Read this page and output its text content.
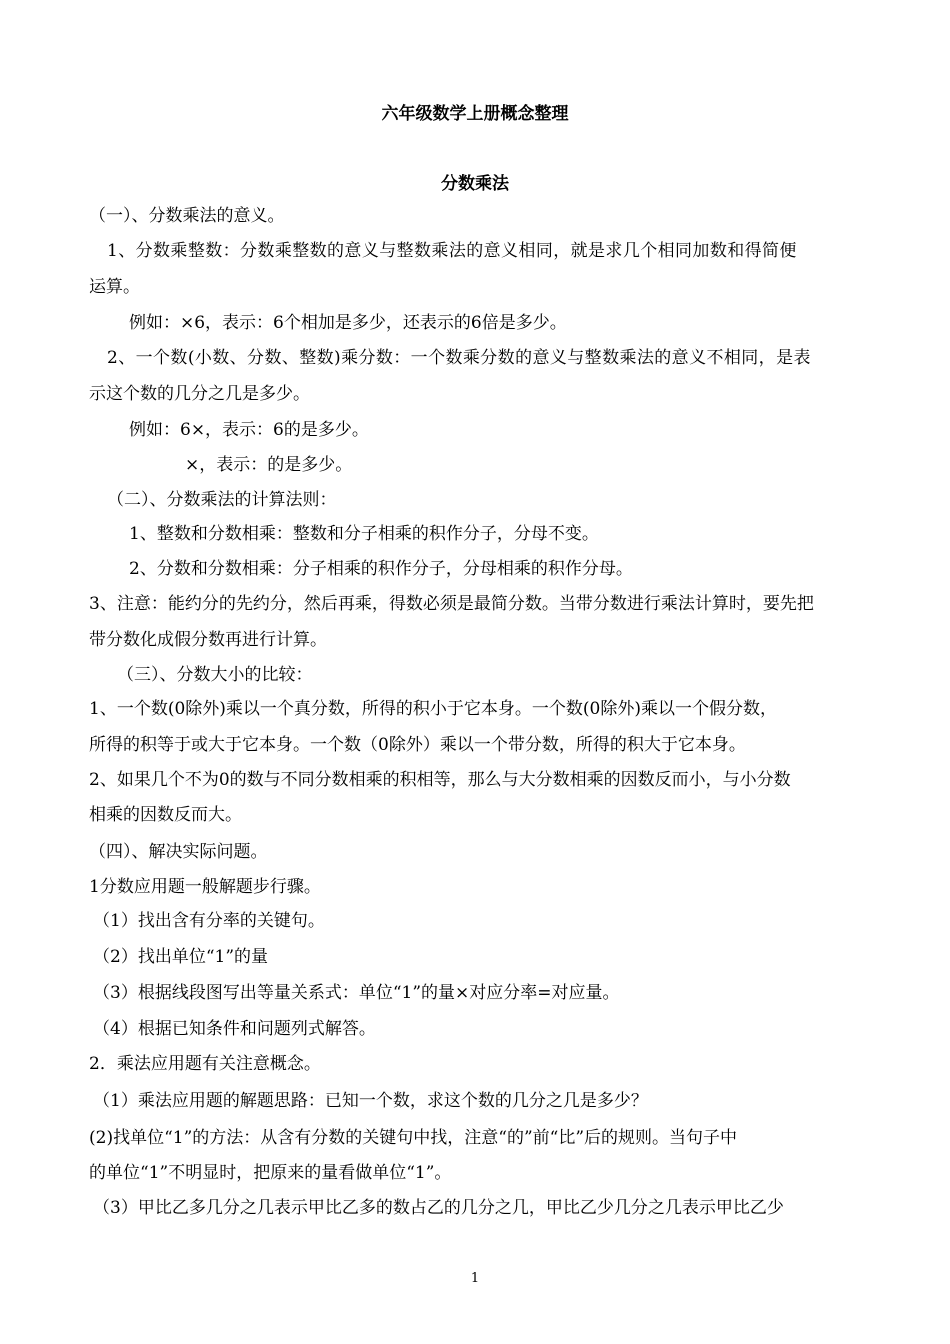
六年级数学上册概念整理
分数乘法
（一）、分数乘法的意义。
1、分数乘整数：分数乘整数的意义与整数乘法的意义相同，就是求几个相同加数和得简便
运算。
例如：×6，表示：6个相加是多少，还表示的6倍是多少。
2、一个数(小数、分数、整数)乘分数：一个数乘分数的意义与整数乘法的意义不相同，是表
示这个数的几分之几是多少。
例如：6×，表示：6的是多少。
×，表示：的是多少。
（二）、分数乘法的计算法则：
1、整数和分数相乘：整数和分子相乘的积作分子，分母不变。
2、分数和分数相乘：分子相乘的积作分子，分母相乘的积作分母。
3、注意：能约分的先约分，然后再乘，得数必须是最简分数。当带分数进行乘法计算时，要先把
带分数化成假分数再进行计算。
（三）、分数大小的比较：
1、一个数(0除外)乘以一个真分数，所得的积小于它本身。一个数(0除外)乘以一个假分数，
所得的积等于或大于它本身。一个数（0除外）乘以一个带分数，所得的积大于它本身。
2、如果几个不为0的数与不同分数相乘的积相等，那么与大分数相乘的因数反而小，与小分数
相乘的因数反而大。
（四）、解决实际问题。
1分数应用题一般解题步行骤。
（1）找出含有分率的关键句。
（2）找出单位“1”的量
（3）根据线段图写出等量关系式：单位“1”的量×对应分率=对应量。
（4）根据已知条件和问题列式解答。
2．乘法应用题有关注意概念。
（1）乘法应用题的解题思路：已知一个数，求这个数的几分之几是多少？
(2)找单位“1”的方法：从含有分数的关键句中找，注意“的”前“比”后的规则。当句子中
的单位“1”不明显时，把原来的量看做单位“1”。
（3）甲比乙多几分之几表示甲比乙多的数占乙的几分之几，甲比乙少几分之几表示甲比乙少
1
